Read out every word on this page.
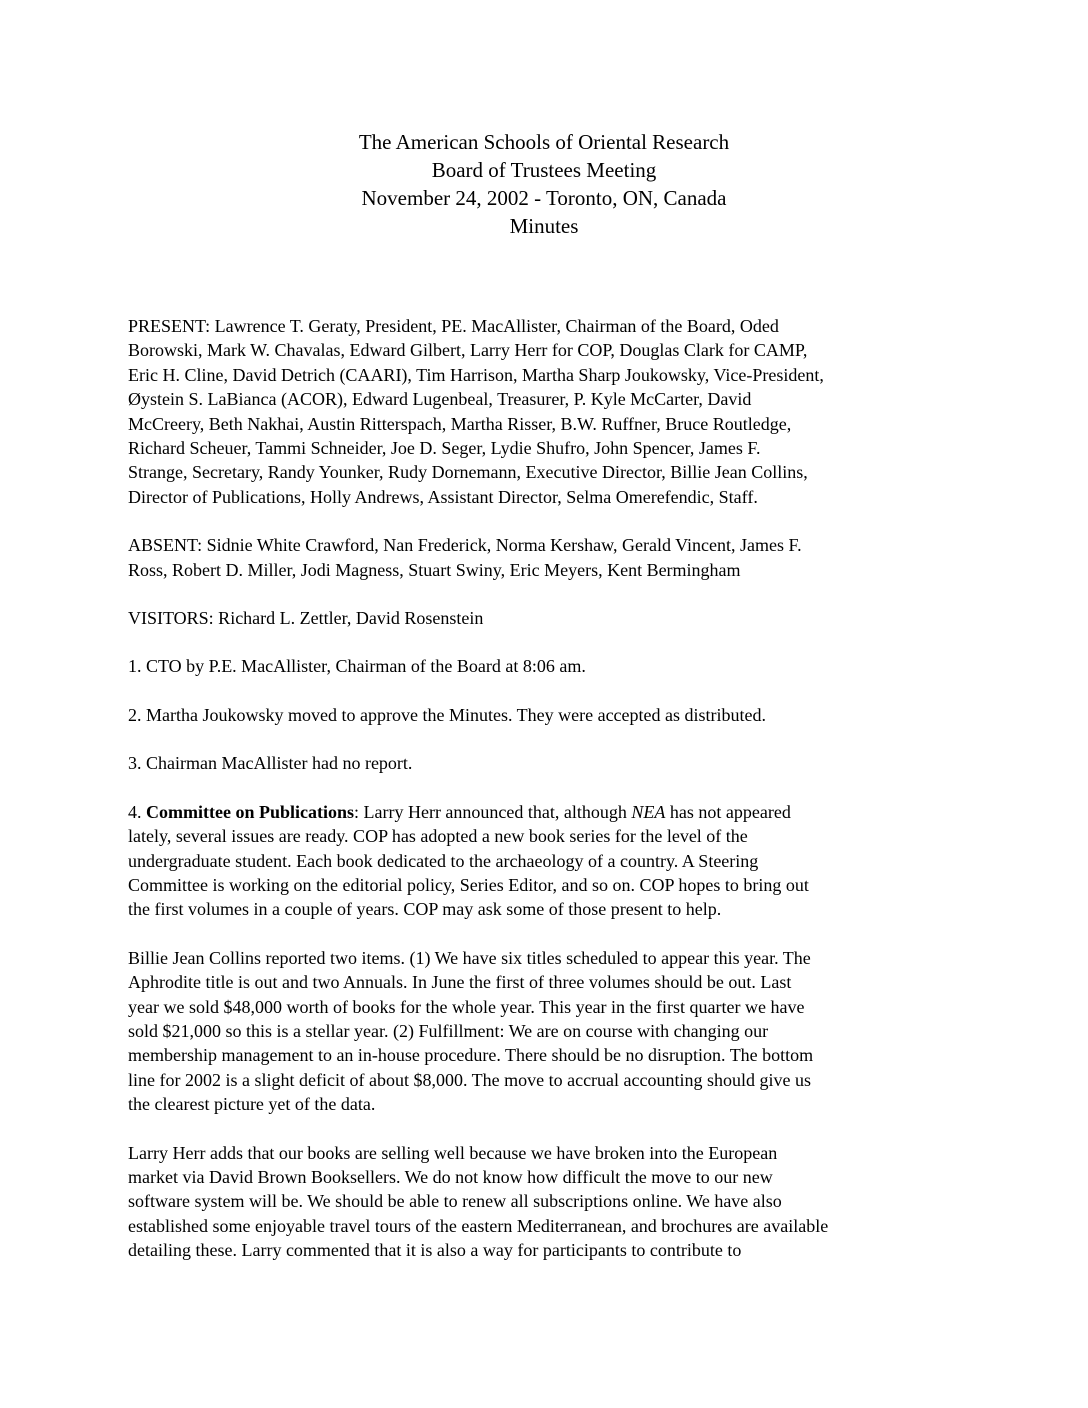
The American Schools of Oriental Research
Board of Trustees Meeting
November 24, 2002 - Toronto, ON, Canada
Minutes
PRESENT: Lawrence T. Geraty, President, PE. MacAllister, Chairman of the Board, Oded
Borowski, Mark W. Chavalas, Edward Gilbert, Larry Herr for COP, Douglas Clark for CAMP,
Eric H. Cline, David Detrich (CAARI), Tim Harrison, Martha Sharp Joukowsky, Vice-President,
Øystein S. LaBianca (ACOR), Edward Lugenbeal, Treasurer, P. Kyle McCarter, David
McCreery, Beth Nakhai, Austin Ritterspach, Martha Risser, B.W. Ruffner, Bruce Routledge,
Richard Scheuer, Tammi Schneider, Joe D. Seger, Lydie Shufro, John Spencer, James F.
Strange, Secretary, Randy Younker, Rudy Dornemann, Executive Director, Billie Jean Collins,
Director of Publications, Holly Andrews, Assistant Director, Selma Omerefendic, Staff.
ABSENT: Sidnie White Crawford, Nan Frederick, Norma Kershaw, Gerald Vincent, James F.
Ross, Robert D. Miller, Jodi Magness, Stuart Swiny, Eric Meyers, Kent Bermingham
VISITORS: Richard L. Zettler, David Rosenstein
1. CTO by P.E. MacAllister, Chairman of the Board at 8:06 am.
2. Martha Joukowsky moved to approve the Minutes. They were accepted as distributed.
3. Chairman MacAllister had no report.
4. Committee on Publications: Larry Herr announced that, although NEA has not appeared
lately, several issues are ready. COP has adopted a new book series for the level of the
undergraduate student. Each book dedicated to the archaeology of a country. A Steering
Committee is working on the editorial policy, Series Editor, and so on. COP hopes to bring out
the first volumes in a couple of years. COP may ask some of those present to help.
Billie Jean Collins reported two items. (1) We have six titles scheduled to appear this year. The
Aphrodite title is out and two Annuals. In June the first of three volumes should be out. Last
year we sold $48,000 worth of books for the whole year. This year in the first quarter we have
sold $21,000 so this is a stellar year. (2) Fulfillment: We are on course with changing our
membership management to an in-house procedure. There should be no disruption. The bottom
line for 2002 is a slight deficit of about $8,000. The move to accrual accounting should give us
the clearest picture yet of the data.
Larry Herr adds that our books are selling well because we have broken into the European
market via David Brown Booksellers. We do not know how difficult the move to our new
software system will be. We should be able to renew all subscriptions online. We have also
established some enjoyable travel tours of the eastern Mediterranean, and brochures are available
detailing these. Larry commented that it is also a way for participants to contribute to
